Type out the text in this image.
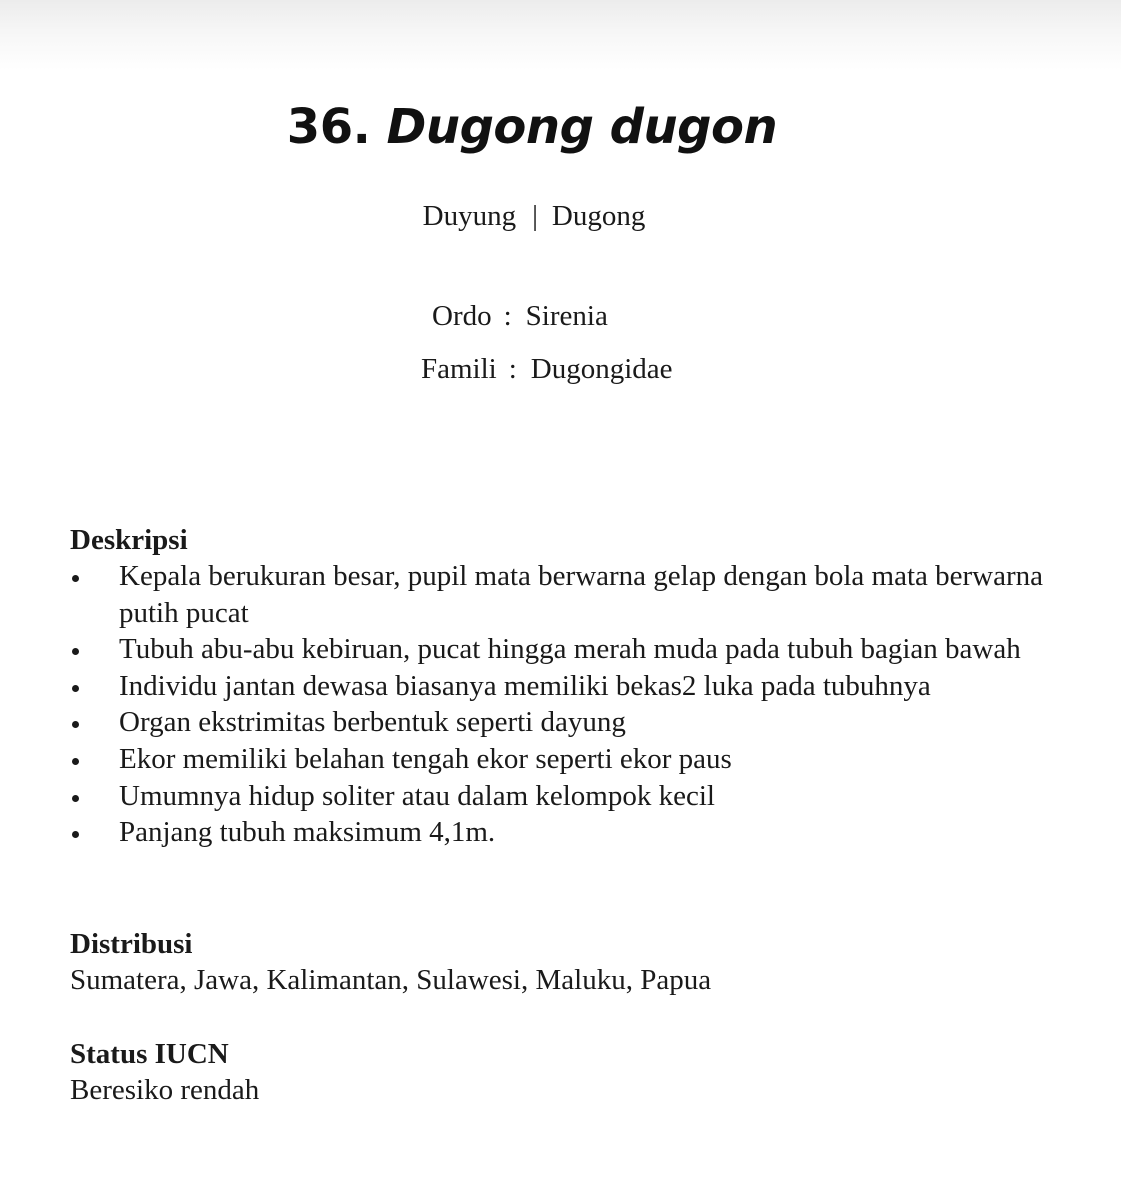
36. Dugong dugon
Duyung | Dugong
Ordo : Sirenia
Famili : Dugongidae

Deskripsi

Kepala berukuran besar, pupil mata berwarna gelap dengan bola mata berwarna putih pucat
Tubuh abu-abu kebiruan, pucat hingga merah muda pada tubuh bagian bawah
Individu jantan dewasa biasanya memiliki bekas2 luka pada tubuhnya
Organ ekstrimitas berbentuk seperti dayung
Ekor memiliki belahan tengah ekor seperti ekor paus
Umumnya hidup soliter atau dalam kelompok kecil
Panjang tubuh maksimum 4,1m.

Distribusi

Sumatera, Jawa, Kalimantan, Sulawesi, Maluku, Papua

Status IUCN

Beresiko rendah
